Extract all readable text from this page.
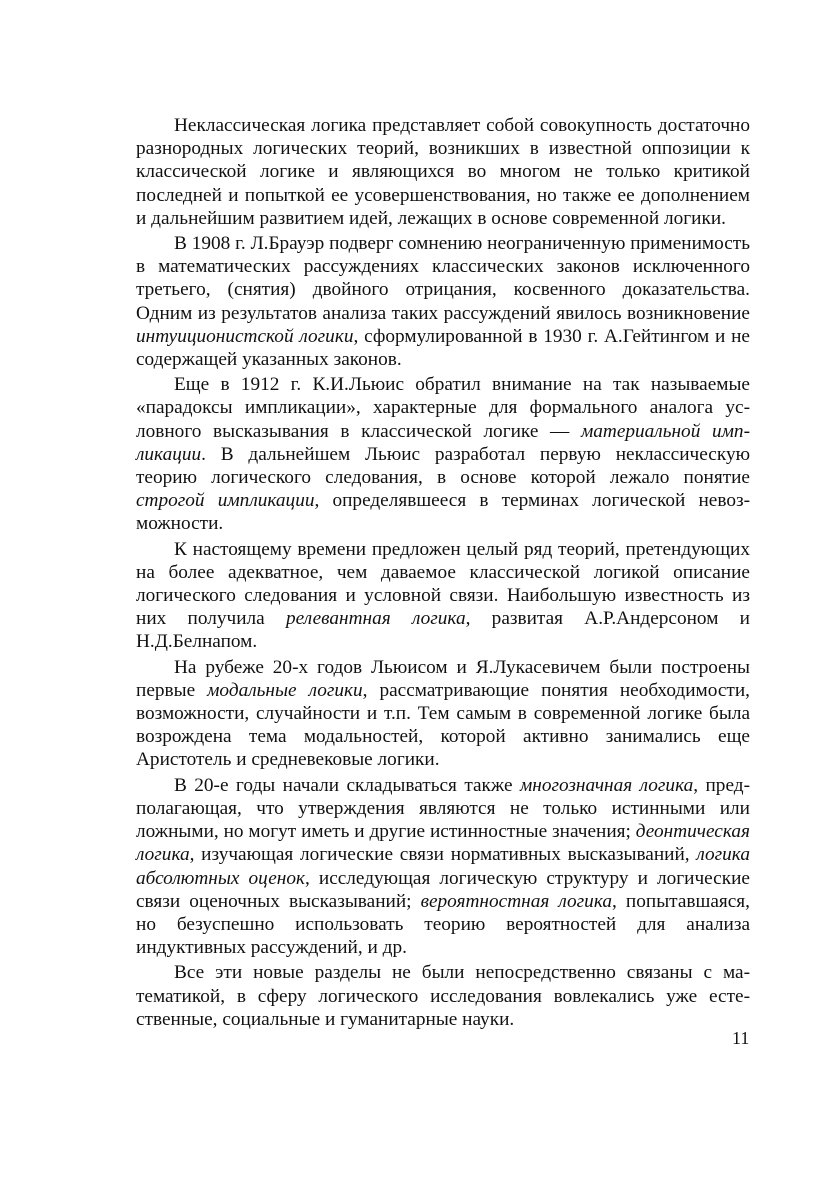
Неклассическая логика представляет собой совокупность достаточно разнородных логических теорий, возникших в известной оппозиции к классической логике и являющихся во многом не только критикой последней и попыткой ее усовершенствования, но также ее дополнением и дальнейшим развитием идей, лежащих в основе современной логики.

В 1908 г. Л.Брауэр подверг сомнению неограниченную применимость в математических рассуждениях классических законов исключенного третьего, (снятия) двойного отрицания, косвенного доказательства. Одним из результатов анализа таких рассуждений явилось возникновение интуиционистской логики, сформулированной в 1930 г. А.Гейтингом и не содержащей указанных законов.

Еще в 1912 г. К.И.Льюис обратил внимание на так называемые «парадоксы импликации», характерные для формального аналога условного высказывания в классической логике — материальной импликации. В дальнейшем Льюис разработал первую неклассическую теорию логического следования, в основе которой лежало понятие строгой импликации, определявшееся в терминах логической невозможности.

К настоящему времени предложен целый ряд теорий, претендующих на более адекватное, чем даваемое классической логикой описание логического следования и условной связи. Наибольшую известность из них получила релевантная логика, развитая А.Р.Андерсоном и Н.Д.Белнапом.

На рубеже 20-х годов Льюисом и Я.Лукасевичем были построены первые модальные логики, рассматривающие понятия необходимости, возможности, случайности и т.п. Тем самым в современной логике была возрождена тема модальностей, которой активно занимались еще Аристотель и средневековые логики.

В 20-е годы начали складываться также многозначная логика, предполагающая, что утверждения являются не только истинными или ложными, но могут иметь и другие истинностные значения; деонтическая логика, изучающая логические связи нормативных высказываний, логика абсолютных оценок, исследующая логическую структуру и логические связи оценочных высказываний; вероятностная логика, попытавшаяся, но безуспешно использовать теорию вероятностей для анализа индуктивных рассуждений, и др.

Все эти новые разделы не были непосредственно связаны с математикой, в сферу логического исследования вовлекались уже естественные, социальные и гуманитарные науки.

11
